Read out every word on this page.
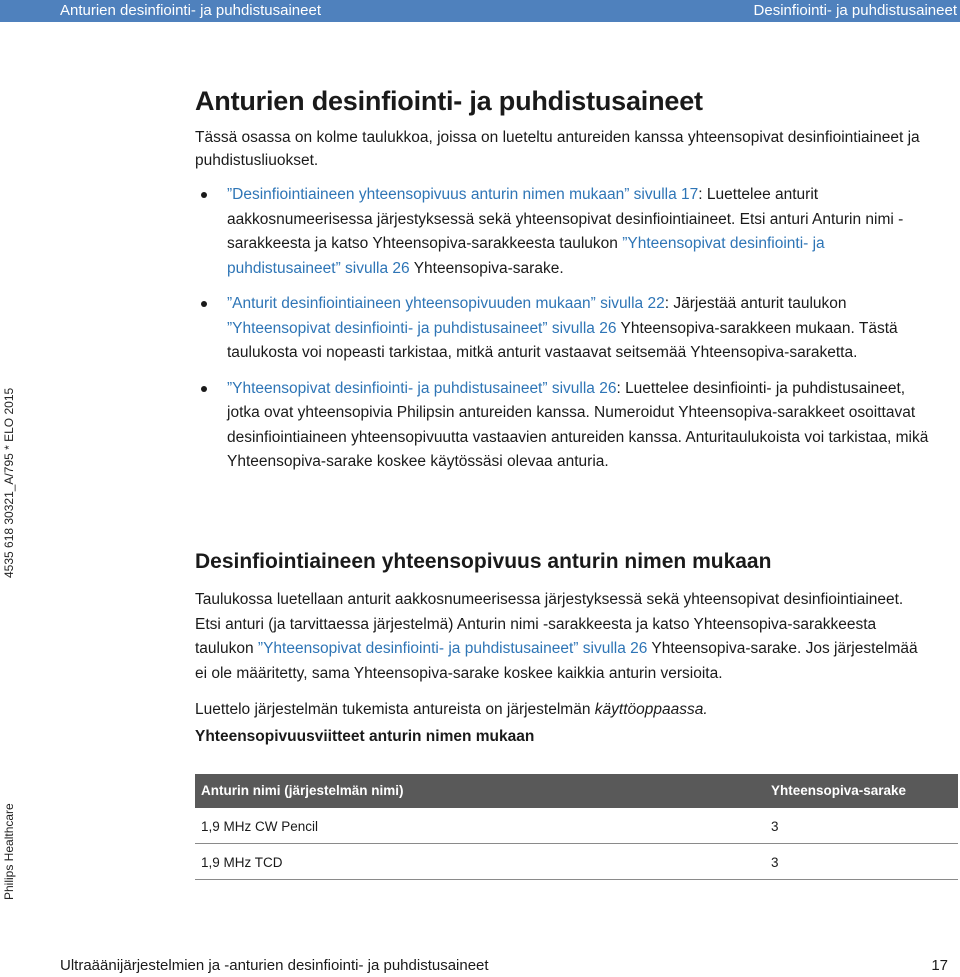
Anturien desinfiointi- ja puhdistusaineet	Desinfiointi- ja puhdistusaineet
4535 618 30321_A/795 * ELO 2015
Philips Healthcare
Anturien desinfiointi- ja puhdistusaineet

Tässä osassa on kolme taulukkoa, joissa on lueteltu antureiden kanssa yhteensopivat desinfiointiaineet ja puhdistusliuokset.

”Desinfiointiaineen yhteensopivuus anturin nimen mukaan” sivulla 17: Luettelee anturit aakkosnumeerisessa järjestyksessä sekä yhteensopivat desinfiointiaineet. Etsi anturi Anturin nimi -sarakkeesta ja katso Yhteensopiva-sarakkeesta taulukon ”Yhteensopivat desinfiointi- ja puhdistusaineet” sivulla 26 Yhteensopiva-sarake.
”Anturit desinfiointiaineen yhteensopivuuden mukaan” sivulla 22: Järjestää anturit taulukon ”Yhteensopivat desinfiointi- ja puhdistusaineet” sivulla 26 Yhteensopiva-sarakkeen mukaan. Tästä taulukosta voi nopeasti tarkistaa, mitkä anturit vastaavat seitsemää Yhteensopiva-saraketta.
”Yhteensopivat desinfiointi- ja puhdistusaineet” sivulla 26: Luettelee desinfiointi- ja puhdistusaineet, jotka ovat yhteensopivia Philipsin antureiden kanssa. Numeroidut Yhteensopiva-sarakkeet osoittavat desinfiointiaineen yhteensopivuutta vastaavien antureiden kanssa. Anturitaulukoista voi tarkistaa, mikä Yhteensopiva-sarake koskee käytössäsi olevaa anturia.
Desinfiointiaineen yhteensopivuus anturin nimen mukaan

Taulukossa luetellaan anturit aakkosnumeerisessa järjestyksessä sekä yhteensopivat desinfiointiaineet. Etsi anturi (ja tarvittaessa järjestelmä) Anturin nimi -sarakkeesta ja katso Yhteensopiva-sarakkeesta taulukon ”Yhteensopivat desinfiointi- ja puhdistusaineet” sivulla 26 Yhteensopiva-sarake. Jos järjestelmää ei ole määritetty, sama Yhteensopiva-sarake koskee kaikkia anturin versioita.

Luettelo järjestelmän tukemista antureista on järjestelmän käyttöoppaassa.

Yhteensopivuusviitteet anturin nimen mukaan

Anturin nimi (järjestelmän nimi)	Yhteensopiva-sarake
1,9 MHz CW Pencil	3
1,9 MHz TCD	3
Ultraäänijärjestelmien ja -anturien desinfiointi- ja puhdistusaineet	17
